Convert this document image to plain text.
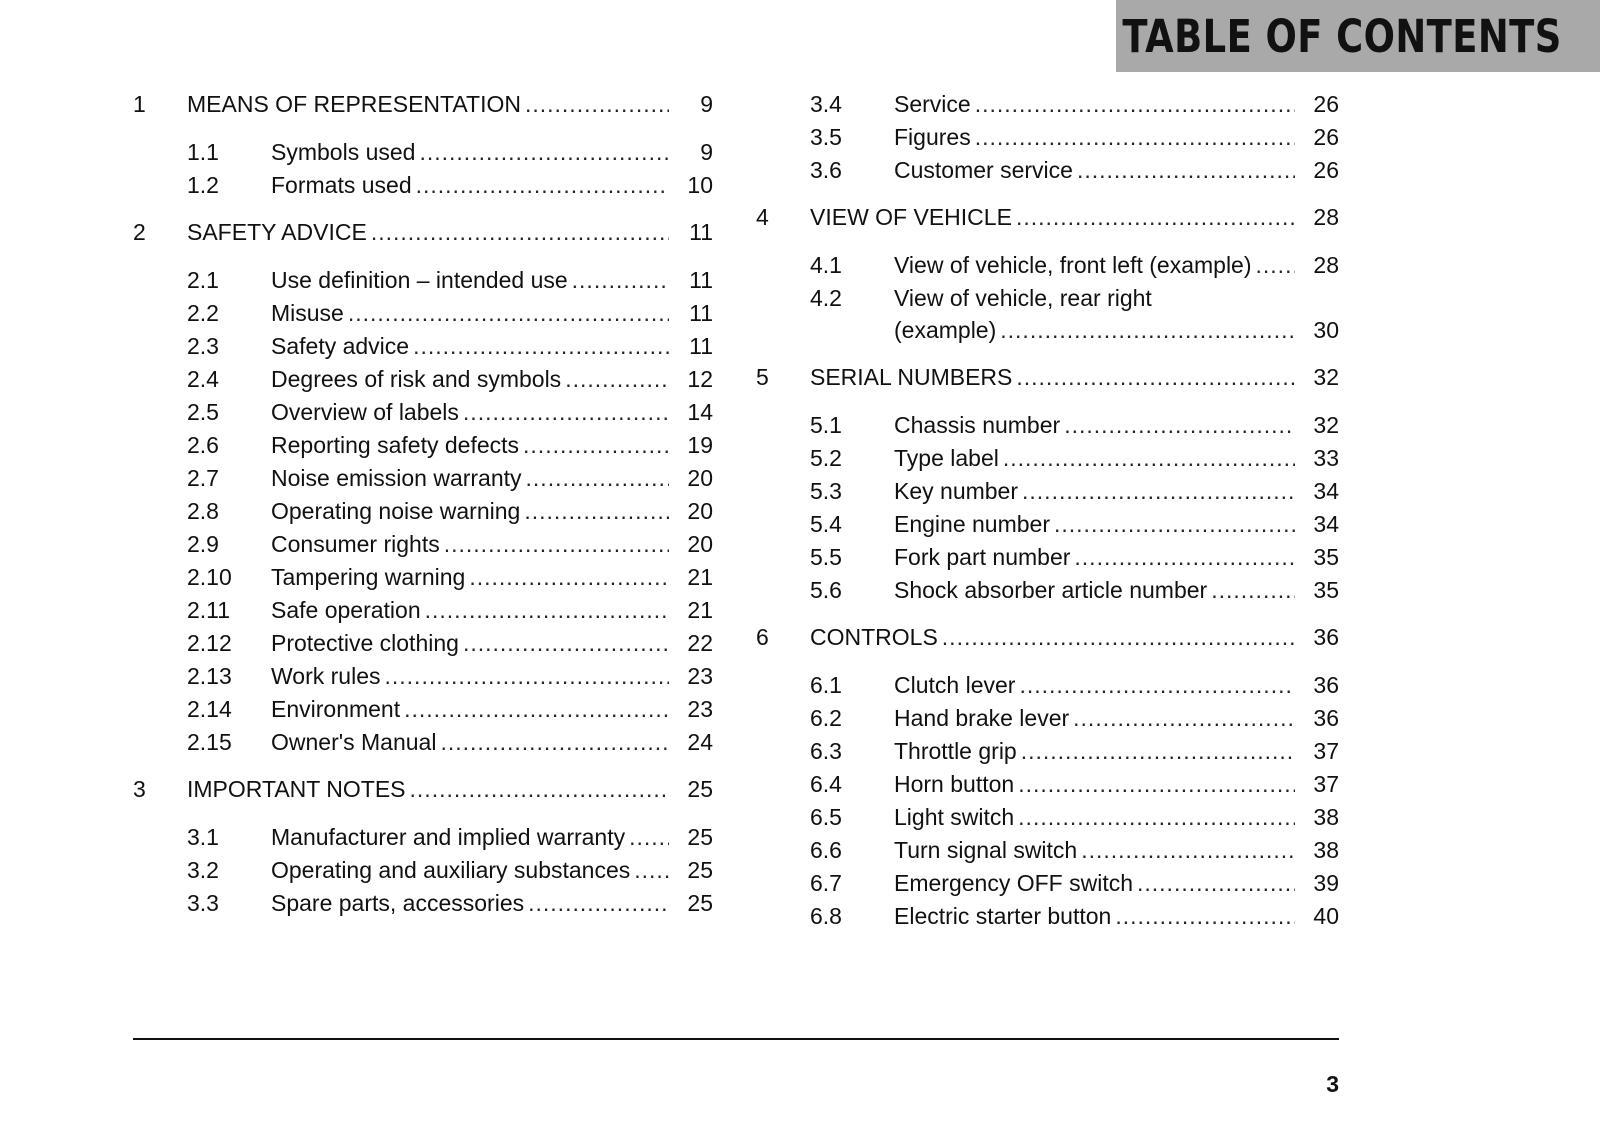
TABLE OF CONTENTS
1	MEANS OF REPRESENTATION .....	9
1.1	Symbols used .....	9
1.2	Formats used .....	10
2	SAFETY ADVICE .....	11
2.1	Use definition – intended use .....	11
2.2	Misuse .....	11
2.3	Safety advice .....	11
2.4	Degrees of risk and symbols .....	12
2.5	Overview of labels .....	14
2.6	Reporting safety defects .....	19
2.7	Noise emission warranty .....	20
2.8	Operating noise warning .....	20
2.9	Consumer rights .....	20
2.10	Tampering warning .....	21
2.11	Safe operation .....	21
2.12	Protective clothing .....	22
2.13	Work rules .....	23
2.14	Environment .....	23
2.15	Owner's Manual .....	24
3	IMPORTANT NOTES .....	25
3.1	Manufacturer and implied warranty .....	25
3.2	Operating and auxiliary substances .....	25
3.3	Spare parts, accessories .....	25
3.4	Service .....	26
3.5	Figures .....	26
3.6	Customer service .....	26
4	VIEW OF VEHICLE .....	28
4.1	View of vehicle, front left (example) .....	28
4.2	View of vehicle, rear right
(example) .....	30
5	SERIAL NUMBERS .....	32
5.1	Chassis number .....	32
5.2	Type label .....	33
5.3	Key number .....	34
5.4	Engine number .....	34
5.5	Fork part number .....	35
5.6	Shock absorber article number .....	35
6	CONTROLS .....	36
6.1	Clutch lever .....	36
6.2	Hand brake lever .....	36
6.3	Throttle grip .....	37
6.4	Horn button .....	37
6.5	Light switch .....	38
6.6	Turn signal switch .....	38
6.7	Emergency OFF switch .....	39
6.8	Electric starter button .....	40
3
